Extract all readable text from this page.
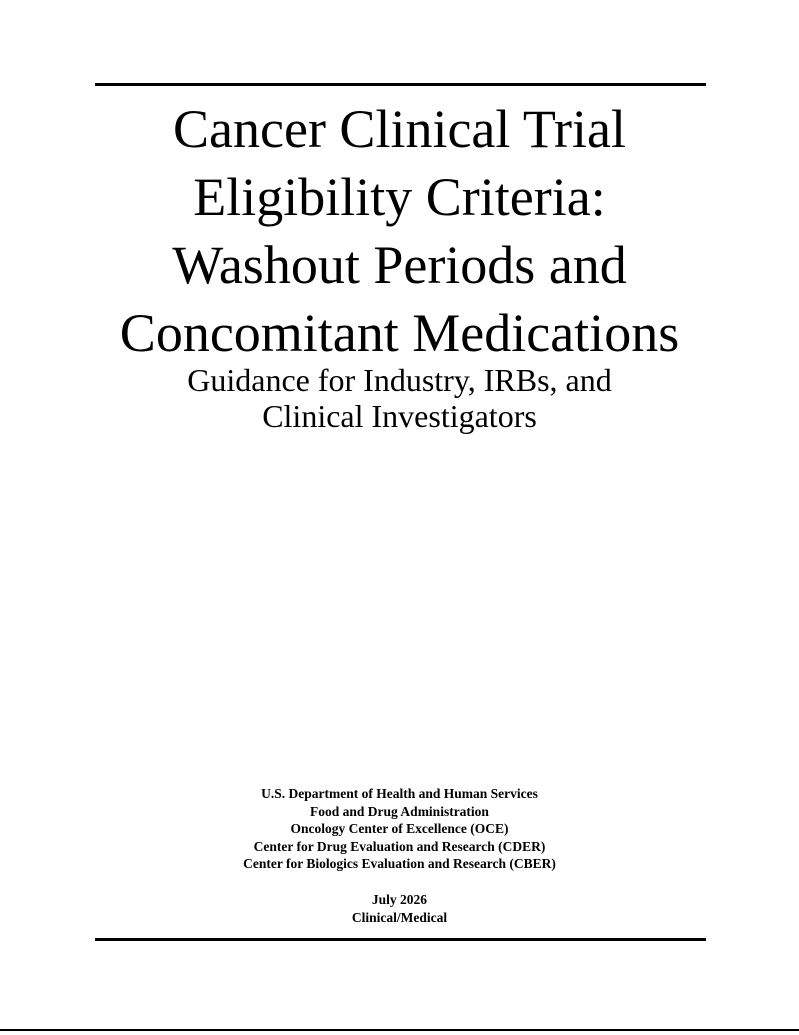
Cancer Clinical Trial
Eligibility Criteria:
Washout Periods and
Concomitant Medications
Guidance for Industry, IRBs, and
Clinical Investigators
U.S. Department of Health and Human Services
Food and Drug Administration
Oncology Center of Excellence (OCE)
Center for Drug Evaluation and Research (CDER)
Center for Biologics Evaluation and Research (CBER)
July 2026
Clinical/Medical
